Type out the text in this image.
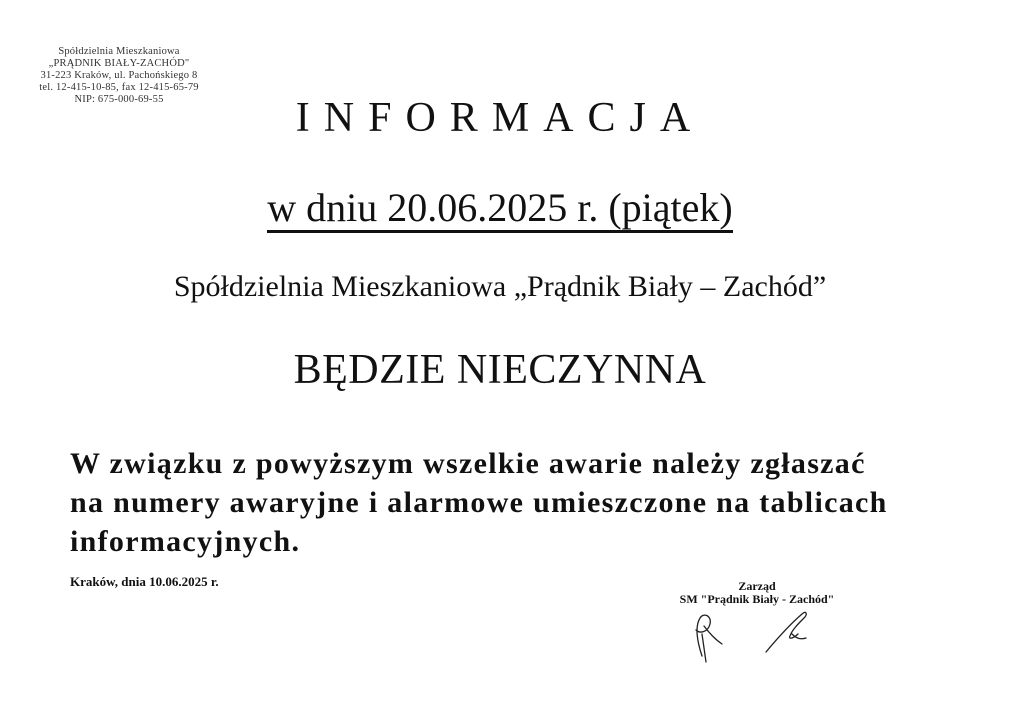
Spółdzielnia Mieszkaniowa
„PRĄDNIK BIAŁY-ZACHÓD"
31-223 Kraków, ul. Pachońskiego 8
tel. 12-415-10-85, fax 12-415-65-79
NIP: 675-000-69-55	INFORMACJA
w dniu 20.06.2025 r. (piątek)
Spółdzielnia Mieszkaniowa „Prądnik Biały – Zachód”
BĘDZIE NIECZYNNA
W związku z powyższym wszelkie awarie należy zgłaszać
na numery awaryjne i alarmowe umieszczone na tablicach
informacyjnych.
Kraków, dnia 10.06.2025 r.	Zarząd
SM "Prądnik Biały - Zachód"
